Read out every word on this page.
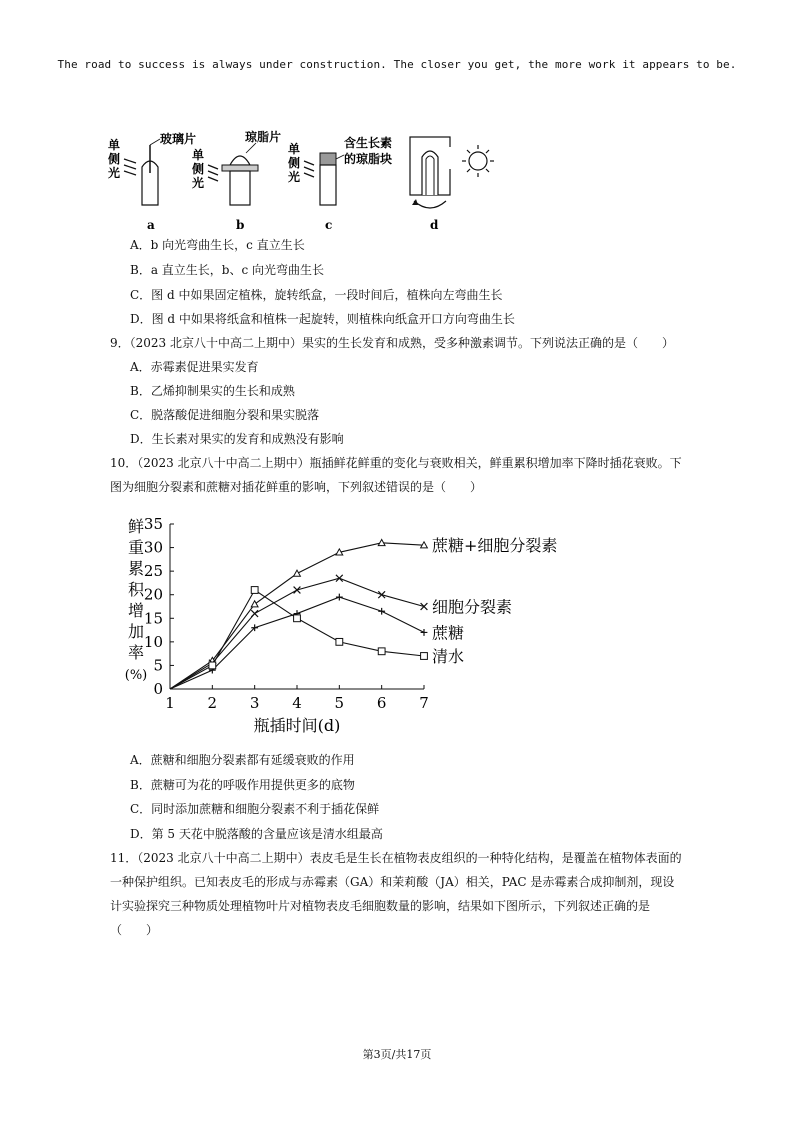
The road to success is always under construction. The closer you get, the more work it appears to be.
单侧光
玻璃片
a
单侧光
琼脂片
b
单侧光
含生长素
的琼脂块
c	d
A．b 向光弯曲生长，c 直立生长
B．a 直立生长，b、c 向光弯曲生长
C．图 d 中如果固定植株，旋转纸盒，一段时间后，植株向左弯曲生长
D．图 d 中如果将纸盒和植株一起旋转，则植株向纸盒开口方向弯曲生长
9．（2023 北京八十中高二上期中）果实的生长发育和成熟，受多种激素调节。下列说法正确的是（　　）
A．赤霉素促进果实发育
B．乙烯抑制果实的生长和成熟
C．脱落酸促进细胞分裂和果实脱落
D．生长素对果实的发育和成熟没有影响
10．（2023 北京八十中高二上期中）瓶插鲜花鲜重的变化与衰败相关，鲜重累积增加率下降时插花衰败。下
图为细胞分裂素和蔗糖对插花鲜重的影响，下列叙述错误的是（　　）
0
5
10
15
20
25
30
35
1 2 3 4 5 6 7
瓶插时间(d)
鲜
重
累
积
增
加
率
(%)
蔗糖+细胞分裂素
细胞分裂素
蔗糖
清水
A．蔗糖和细胞分裂素都有延缓衰败的作用
B．蔗糖可为花的呼吸作用提供更多的底物
C．同时添加蔗糖和细胞分裂素不利于插花保鲜
D．第 5 天花中脱落酸的含量应该是清水组最高
11．（2023 北京八十中高二上期中）表皮毛是生长在植物表皮组织的一种特化结构，是覆盖在植物体表面的
一种保护组织。已知表皮毛的形成与赤霉素（GA）和茉莉酸（JA）相关，PAC 是赤霉素合成抑制剂，现设
计实验探究三种物质处理植物叶片对植物表皮毛细胞数量的影响，结果如下图所示，下列叙述正确的是
（　　）
第3页/共17页
